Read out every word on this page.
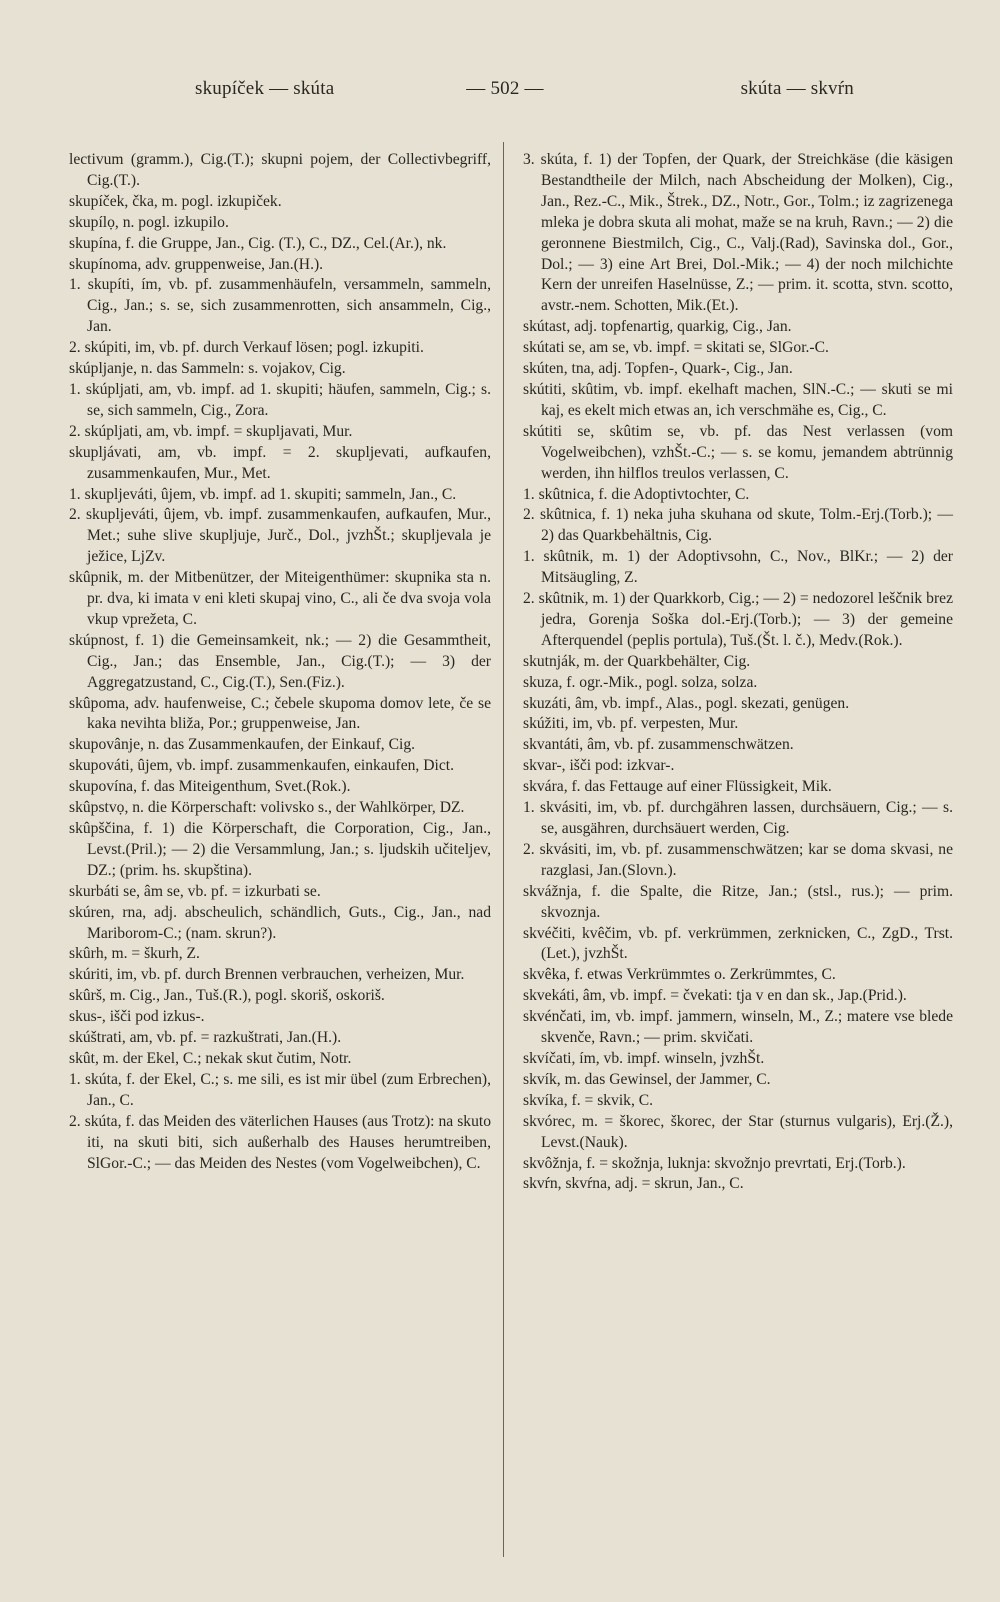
skupíček — skúta	— 502 —	skúta — skvŕn

lectivum (gramm.), Cig.(T.); skupni pojem, der Collectivbegriff, Cig.(T.).

skupíček, čka, m. pogl. izkupiček.

skupílọ, n. pogl. izkupilo.

skupína, f. die Gruppe, Jan., Cig. (T.), C., DZ., Cel.(Ar.), nk.

skupínoma, adv. gruppenweise, Jan.(H.).

1. skupíti, ím, vb. pf. zusammenhäufeln, versammeln, sammeln, Cig., Jan.; s. se, sich zusammenrotten, sich ansammeln, Cig., Jan.

2. skúpiti, im, vb. pf. durch Verkauf lösen; pogl. izkupiti.

skúpljanje, n. das Sammeln: s. vojakov, Cig.

1. skúpljati, am, vb. impf. ad 1. skupiti; häufen, sammeln, Cig.; s. se, sich sammeln, Cig., Zora.

2. skúpljati, am, vb. impf. = skupljavati, Mur.

skupljávati, am, vb. impf. = 2. skupljevati, aufkaufen, zusammenkaufen, Mur., Met.

1. skupljeváti, ûjem, vb. impf. ad 1. skupiti; sammeln, Jan., C.

2. skupljeváti, ûjem, vb. impf. zusammenkaufen, aufkaufen, Mur., Met.; suhe slive skupljuje, Jurč., Dol., jvzhŠt.; skupljevala je ježice, LjZv.

skûpnik, m. der Mitbenützer, der Miteigenthümer: skupnika sta n. pr. dva, ki imata v eni kleti skupaj vino, C., ali če dva svoja vola vkup vprežeta, C.

skúpnost, f. 1) die Gemeinsamkeit, nk.; — 2) die Gesammtheit, Cig., Jan.; das Ensemble, Jan., Cig.(T.); — 3) der Aggregatzustand, C., Cig.(T.), Sen.(Fiz.).

skûpoma, adv. haufenweise, C.; čebele skupoma domov lete, če se kaka nevihta bliža, Por.; gruppenweise, Jan.

skupovânje, n. das Zusammenkaufen, der Einkauf, Cig.

skupováti, ûjem, vb. impf. zusammenkaufen, einkaufen, Dict.

skupovína, f. das Miteigenthum, Svet.(Rok.).

skûpstvọ, n. die Körperschaft: volivsko s., der Wahlkörper, DZ.

skûpščina, f. 1) die Körperschaft, die Corporation, Cig., Jan., Levst.(Pril.); — 2) die Versammlung, Jan.; s. ljudskih učiteljev, DZ.; (prim. hs. skupština).

skurbáti se, âm se, vb. pf. = izkurbati se.

skúren, rna, adj. abscheulich, schändlich, Guts., Cig., Jan., nad Mariborom-C.; (nam. skrun?).

skûrh, m. = škurh, Z.

skúriti, im, vb. pf. durch Brennen verbrauchen, verheizen, Mur.

skûrš, m. Cig., Jan., Tuš.(R.), pogl. skoriš, oskoriš.

skus-, išči pod izkus-.

skúštrati, am, vb. pf. = razkuštrati, Jan.(H.).

skût, m. der Ekel, C.; nekak skut čutim, Notr.

1. skúta, f. der Ekel, C.; s. me sili, es ist mir übel (zum Erbrechen), Jan., C.

2. skúta, f. das Meiden des väterlichen Hauses (aus Trotz): na skuto iti, na skuti biti, sich außerhalb des Hauses herumtreiben, SlGor.-C.; — das Meiden des Nestes (vom Vogelweibchen), C.

3. skúta, f. 1) der Topfen, der Quark, der Streichkäse (die käsigen Bestandtheile der Milch, nach Abscheidung der Molken), Cig., Jan., Rez.-C., Mik., Štrek., DZ., Notr., Gor., Tolm.; iz zagrizenega mleka je dobra skuta ali mohat, maže se na kruh, Ravn.; — 2) die geronnene Biestmilch, Cig., C., Valj.(Rad), Savinska dol., Gor., Dol.; — 3) eine Art Brei, Dol.-Mik.; — 4) der noch milchichte Kern der unreifen Haselnüsse, Z.; — prim. it. scotta, stvn. scotto, avstr.-nem. Schotten, Mik.(Et.).

skútast, adj. topfenartig, quarkig, Cig., Jan.

skútati se, am se, vb. impf. = skitati se, SlGor.-C.

skúten, tna, adj. Topfen-, Quark-, Cig., Jan.

skútiti, skûtim, vb. impf. ekelhaft machen, SlN.-C.; — skuti se mi kaj, es ekelt mich etwas an, ich verschmähe es, Cig., C.

skútiti se, skûtim se, vb. pf. das Nest verlassen (vom Vogelweibchen), vzhŠt.-C.; — s. se komu, jemandem abtrünnig werden, ihn hilflos treulos verlassen, C.

1. skûtnica, f. die Adoptivtochter, C.

2. skûtnica, f. 1) neka juha skuhana od skute, Tolm.-Erj.(Torb.); — 2) das Quarkbehältnis, Cig.

1. skûtnik, m. 1) der Adoptivsohn, C., Nov., BlKr.; — 2) der Mitsäugling, Z.

2. skûtnik, m. 1) der Quarkkorb, Cig.; — 2) = nedozorel leščnik brez jedra, Gorenja Soška dol.-Erj.(Torb.); — 3) der gemeine Afterquendel (peplis portula), Tuš.(Št. l. č.), Medv.(Rok.).

skutnják, m. der Quarkbehälter, Cig.

skuza, f. ogr.-Mik., pogl. solza, solza.

skuzáti, âm, vb. impf., Alas., pogl. skezati, genügen.

skúžiti, im, vb. pf. verpesten, Mur.

skvantáti, âm, vb. pf. zusammenschwätzen.

skvar-, išči pod: izkvar-.

skvára, f. das Fettauge auf einer Flüssigkeit, Mik.

1. skvásiti, im, vb. pf. durchgähren lassen, durchsäuern, Cig.; — s. se, ausgähren, durchsäuert werden, Cig.

2. skvásiti, im, vb. pf. zusammenschwätzen; kar se doma skvasi, ne razglasi, Jan.(Slovn.).

skvážnja, f. die Spalte, die Ritze, Jan.; (stsl., rus.); — prim. skvoznja.

skvéčiti, kvêčim, vb. pf. verkrümmen, zerknicken, C., ZgD., Trst.(Let.), jvzhŠt.

skvêka, f. etwas Verkrümmtes o. Zerkrümmtes, C.

skvekáti, âm, vb. impf. = čvekati: tja v en dan sk., Jap.(Prid.).

skvénčati, im, vb. impf. jammern, winseln, M., Z.; matere vse blede skvenče, Ravn.; — prim. skvičati.

skvíčati, ím, vb. impf. winseln, jvzhŠt.

skvík, m. das Gewinsel, der Jammer, C.

skvíka, f. = skvik, C.

skvórec, m. = škorec, škorec, der Star (sturnus vulgaris), Erj.(Ž.), Levst.(Nauk).

skvôžnja, f. = skožnja, luknja: skvožnjo prevrtati, Erj.(Torb.).

skvŕn, skvŕna, adj. = skrun, Jan., C.
